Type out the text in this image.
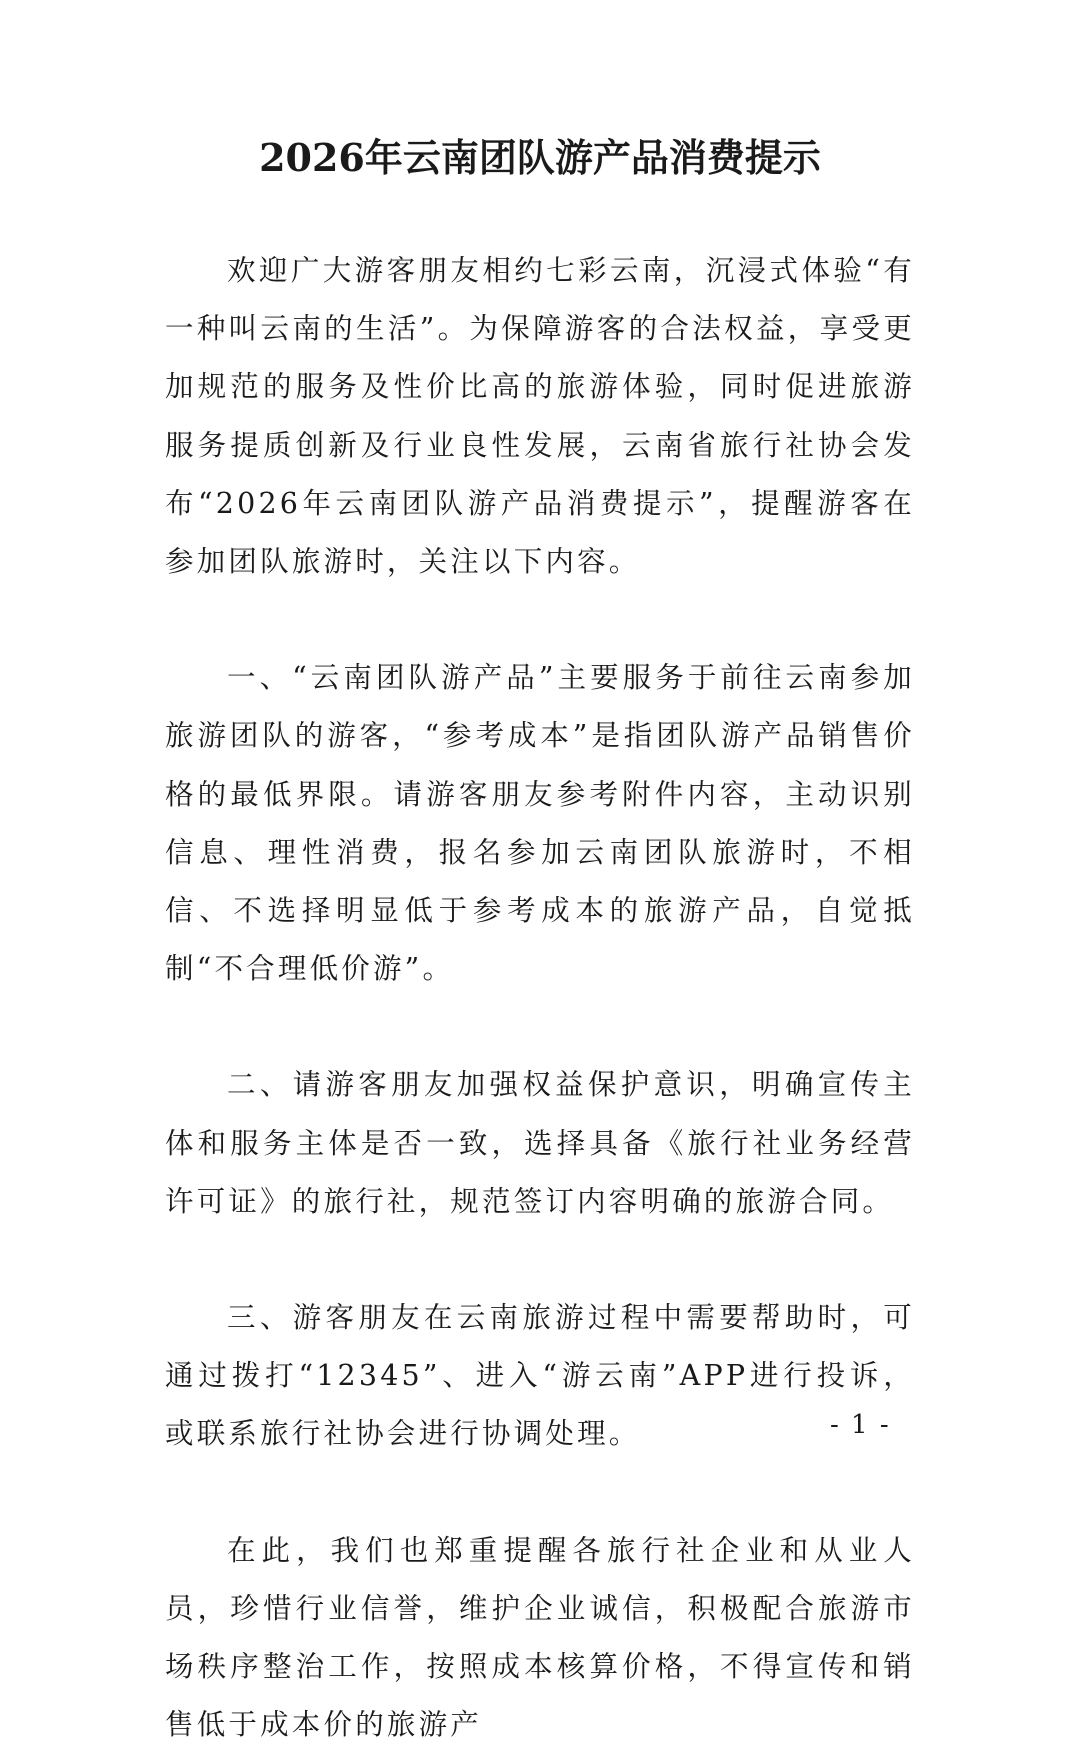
2026年云南团队游产品消费提示

欢迎广大游客朋友相约七彩云南，沉浸式体验“有一种叫云南的生活”。为保障游客的合法权益，享受更加规范的服务及性价比高的旅游体验，同时促进旅游服务提质创新及行业良性发展，云南省旅行社协会发布“2026年云南团队游产品消费提示”，提醒游客在参加团队旅游时，关注以下内容。

一、“云南团队游产品”主要服务于前往云南参加旅游团队的游客，“参考成本”是指团队游产品销售价格的最低界限。请游客朋友参考附件内容，主动识别信息、理性消费，报名参加云南团队旅游时，不相信、不选择明显低于参考成本的旅游产品，自觉抵制“不合理低价游”。

二、请游客朋友加强权益保护意识，明确宣传主体和服务主体是否一致，选择具备《旅行社业务经营许可证》的旅行社，规范签订内容明确的旅游合同。

三、游客朋友在云南旅游过程中需要帮助时，可通过拨打“12345”、进入“游云南”APP进行投诉，或联系旅行社协会进行协调处理。

在此，我们也郑重提醒各旅行社企业和从业人员，珍惜行业信誉，维护企业诚信，积极配合旅游市场秩序整治工作，按照成本核算价格，不得宣传和销售低于成本价的旅游产

- 1 -
